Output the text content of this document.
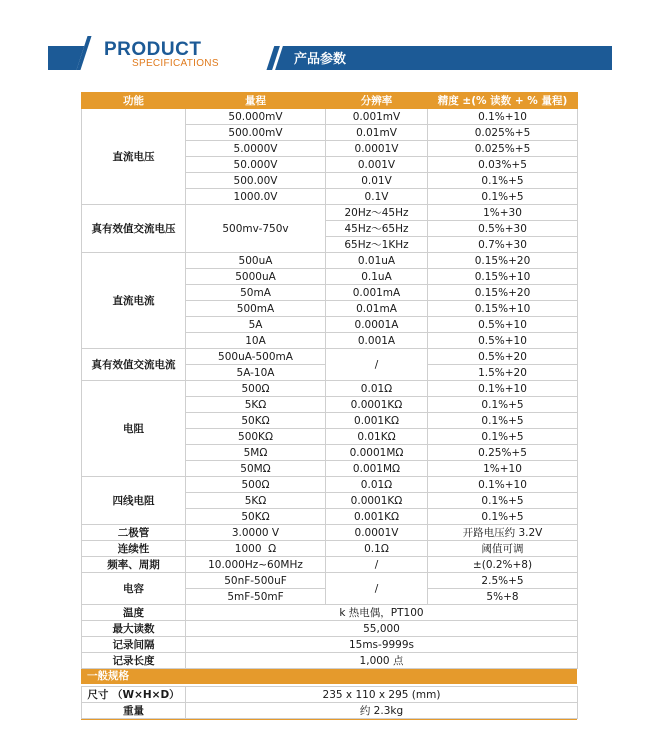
PRODUCT
SPECIFICATIONS	产品参数
功能	量程	分辨率	精度 ±(% 读数 + % 量程)
直流电压	50.000mV	0.001mV	0.1%+10
	500.00mV	0.01mV	0.025%+5
	5.0000V	0.0001V	0.025%+5
	50.000V	0.001V	0.03%+5
	500.00V	0.01V	0.1%+5
	1000.0V	0.1V	0.1%+5
真有效值交流电压	500mv-750v	20Hz～45Hz	1%+30
		45Hz～65Hz	0.5%+30
		65Hz～1KHz	0.7%+30
直流电流	500uA	0.01uA	0.15%+20
	5000uA	0.1uA	0.15%+10
	50mA	0.001mA	0.15%+20
	500mA	0.01mA	0.15%+10
	5A	0.0001A	0.5%+10
	10A	0.001A	0.5%+10
真有效值交流电流	500uA-500mA	/	0.5%+20
	5A-10A		1.5%+20
电阻	500Ω	0.01Ω	0.1%+10
	5KΩ	0.0001KΩ	0.1%+5
	50KΩ	0.001KΩ	0.1%+5
	500KΩ	0.01KΩ	0.1%+5
	5MΩ	0.0001MΩ	0.25%+5
	50MΩ	0.001MΩ	1%+10
四线电阻	500Ω	0.01Ω	0.1%+10
	5KΩ	0.0001KΩ	0.1%+5
	50KΩ	0.001KΩ	0.1%+5
二极管	3.0000 V	0.0001V	开路电压约 3.2V
连续性	1000  Ω	0.1Ω	阈值可调
频率、周期	10.000Hz~60MHz	/	±(0.2%+8)
电容	50nF-500uF	/	2.5%+5
	5mF-50mF		5%+8
温度	k 热电偶，PT100		
最大读数	55,000		
记录间隔	15ms-9999s		
记录长度	1,000 点		
一般规格
尺寸 （W×H×D）	235 x 110 x 295 (mm)
重量	约 2.3kg
